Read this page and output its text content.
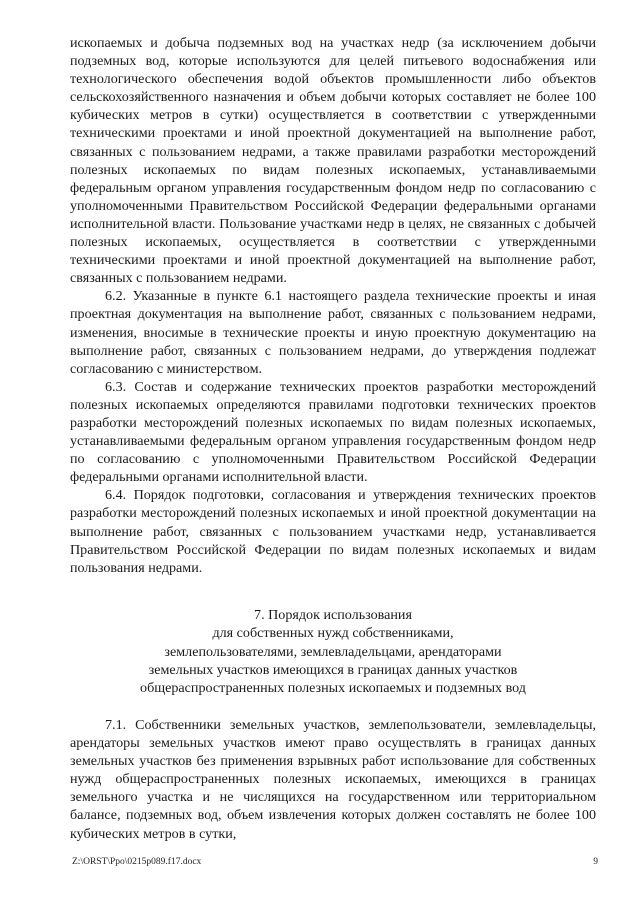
ископаемых и добыча подземных вод на участках недр (за исключением добычи подземных вод, которые используются для целей питьевого водоснабжения или технологического обеспечения водой объектов промышленности либо объектов сельскохозяйственного назначения и объем добычи которых составляет не более 100 кубических метров в сутки) осуществляется в соответствии с утвержденными техническими проектами и иной проектной документацией на выполнение работ, связанных с пользованием недрами, а также правилами разработки месторождений полезных ископаемых по видам полезных ископаемых, устанавливаемыми федеральным органом управления государственным фондом недр по согласованию с уполномоченными Правительством Российской Федерации федеральными органами исполнительной власти. Пользование участками недр в целях, не связанных с добычей полезных ископаемых, осуществляется в соответствии с утвержденными техническими проектами и иной проектной документацией на выполнение работ, связанных с пользованием недрами.

6.2. Указанные в пункте 6.1 настоящего раздела технические проекты и иная проектная документация на выполнение работ, связанных с пользованием недрами, изменения, вносимые в технические проекты и иную проектную документацию на выполнение работ, связанных с пользованием недрами, до утверждения подлежат согласованию с министерством.

6.3. Состав и содержание технических проектов разработки месторождений полезных ископаемых определяются правилами подготовки технических проектов разработки месторождений полезных ископаемых по видам полезных ископаемых, устанавливаемыми федеральным органом управления государственным фондом недр по согласованию с уполномоченными Правительством Российской Федерации федеральными органами исполнительной власти.

6.4. Порядок подготовки, согласования и утверждения технических проектов разработки месторождений полезных ископаемых и иной проектной документации на выполнение работ, связанных с пользованием участками недр, устанавливается Правительством Российской Федерации по видам полезных ископаемых и видам пользования недрами.

7. Порядок использования
для собственных нужд собственниками,
землепользователями, землевладельцами, арендаторами
земельных участков имеющихся в границах данных участков
общераспространенных полезных ископаемых и подземных вод

7.1. Собственники земельных участков, землепользователи, землевладельцы, арендаторы земельных участков имеют право осуществлять в границах данных земельных участков без применения взрывных работ использование для собственных нужд общераспространенных полезных ископаемых, имеющихся в границах земельного участка и не числящихся на государственном или территориальном балансе, подземных вод, объем извлечения которых должен составлять не более 100 кубических метров в сутки,

Z:\ORST\Ppo\0215p089.f17.docx	9
